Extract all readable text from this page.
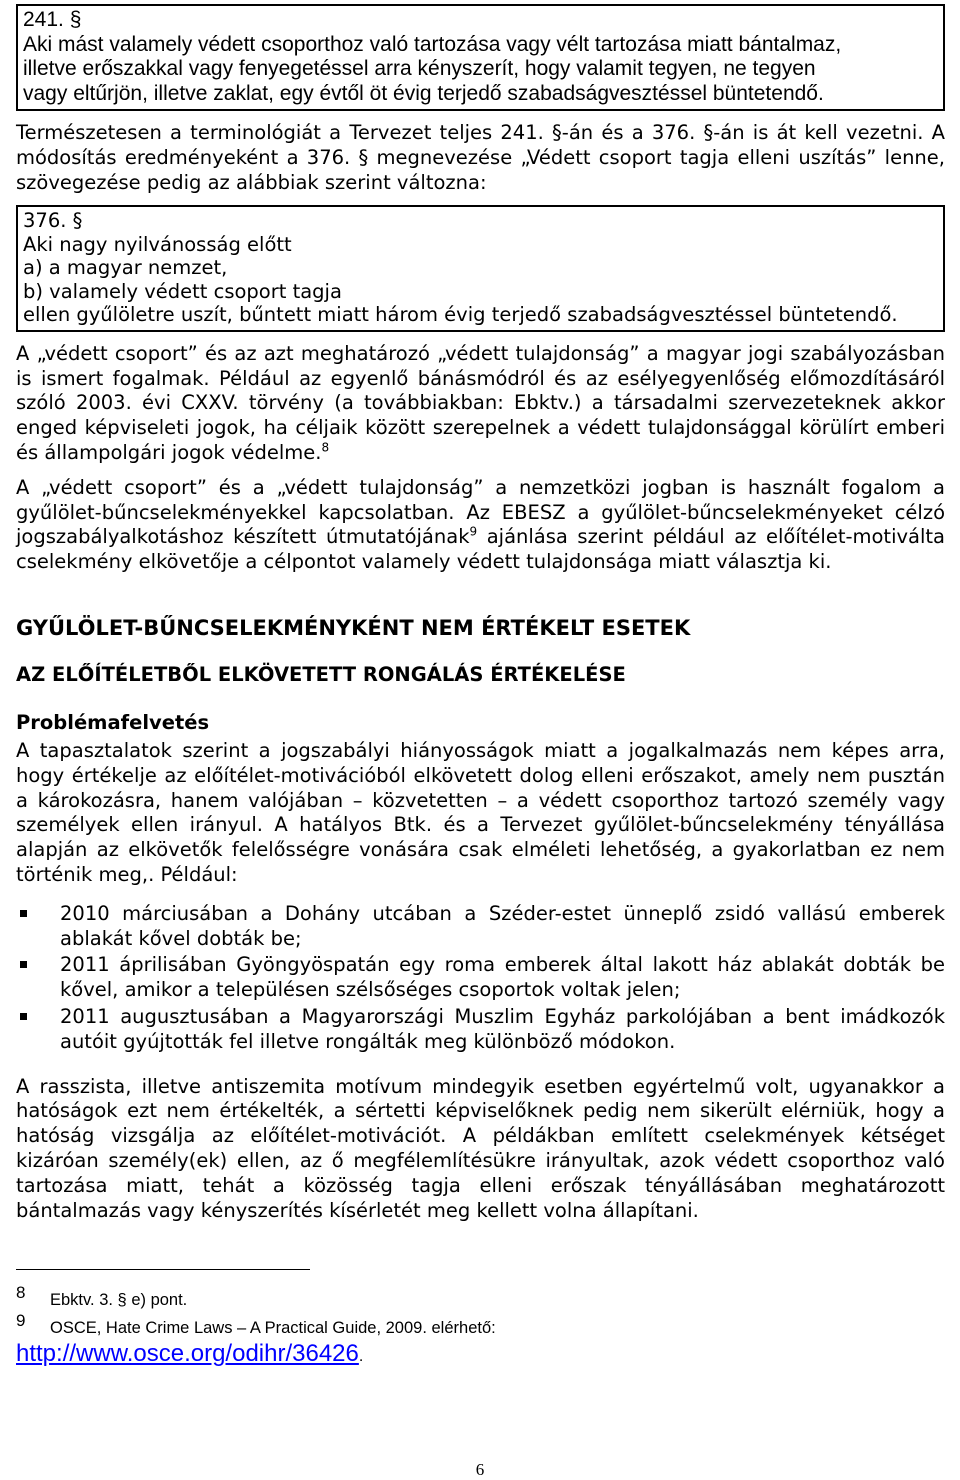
241. §
Aki mást valamely védett csoporthoz való tartozása vagy vélt tartozása miatt bántalmaz,
illetve erőszakkal vagy fenyegetéssel arra kényszerít, hogy valamit tegyen, ne tegyen
vagy eltűrjön, illetve zaklat, egy évtől öt évig terjedő szabadságvesztéssel büntetendő.

Természetesen a terminológiát a Tervezet teljes 241. §-án és a 376. §-án is át kell vezetni. A módosítás eredményeként a 376. § megnevezése „Védett csoport tagja elleni uszítás” lenne, szövegezése pedig az alábbiak szerint változna:

376. §
Aki nagy nyilvánosság előtt
a) a magyar nemzet,
b) valamely védett csoport tagja
ellen gyűlöletre uszít, bűntett miatt három évig terjedő szabadságvesztéssel büntetendő.

A „védett csoport” és az azt meghatározó „védett tulajdonság” a magyar jogi szabályozásban is ismert fogalmak. Például az egyenlő bánásmódról és az esélyegyenlőség előmozdításáról szóló 2003. évi CXXV. törvény (a továbbiakban: Ebktv.) a társadalmi szervezeteknek akkor enged képviseleti jogok, ha céljaik között szerepelnek a védett tulajdonsággal körülírt emberi és állampolgári jogok védelme.$^8$

A „védett csoport” és a „védett tulajdonság” a nemzetközi jogban is használt fogalom a gyűlölet-bűncselekményekkel kapcsolatban. Az EBESZ a gyűlölet-bűncselekményeket célzó jogszabályalkotáshoz készített útmutatójának$^9$ ajánlása szerint például az előítélet-motiválta cselekmény elkövetője a célpontot valamely védett tulajdonsága miatt választja ki.

GYŰLÖLET-BŰNCSELEKMÉNYKÉNT NEM ÉRTÉKELT ESETEK
AZ ELŐÍTÉLETBŐL ELKÖVETETT RONGÁLÁS ÉRTÉKELÉSE
Problémafelvetés

A tapasztalatok szerint a jogszabályi hiányosságok miatt a jogalkalmazás nem képes arra, hogy értékelje az előítélet-motivációból elkövetett dolog elleni erőszakot, amely nem pusztán a károkozásra, hanem valójában – közvetetten – a védett csoporthoz tartozó személy vagy személyek ellen irányul. A hatályos Btk. és a Tervezet gyűlölet-bűncselekmény tényállása alapján az elkövetők felelősségre vonására csak elméleti lehetőség, a gyakorlatban ez nem történik meg,. Például:

2010 márciusában a Dohány utcában a Széder-estet ünneplő zsidó vallású emberek ablakát kővel dobták be;
2011 áprilisában Gyöngyöspatán egy roma emberek által lakott ház ablakát dobták be kővel, amikor a településen szélsőséges csoportok voltak jelen;
2011 augusztusában a Magyarországi Muszlim Egyház parkolójában a bent imádkozók autóit gyújtották fel illetve rongálták meg különböző módokon.

A rasszista, illetve antiszemita motívum mindegyik esetben egyértelmű volt, ugyanakkor a hatóságok ezt nem értékelték, a sértetti képviselőknek pedig nem sikerült elérniük, hogy a hatóság vizsgálja az előítélet-motivációt. A példákban említett cselekmények kétséget kizáróan személy(ek) ellen, az ő megfélemlítésükre irányultak, azok védett csoporthoz való tartozása miatt, tehát a közösség tagja elleni erőszak tényállásában meghatározott bántalmazás vagy kényszerítés kísérletét meg kellett volna állapítani.

8	Ebktv. 3. § e) pont.
9	OSCE, Hate Crime Laws – A Practical Guide, 2009. elérhető:
http://www.osce.org/odihr/36426.
6
